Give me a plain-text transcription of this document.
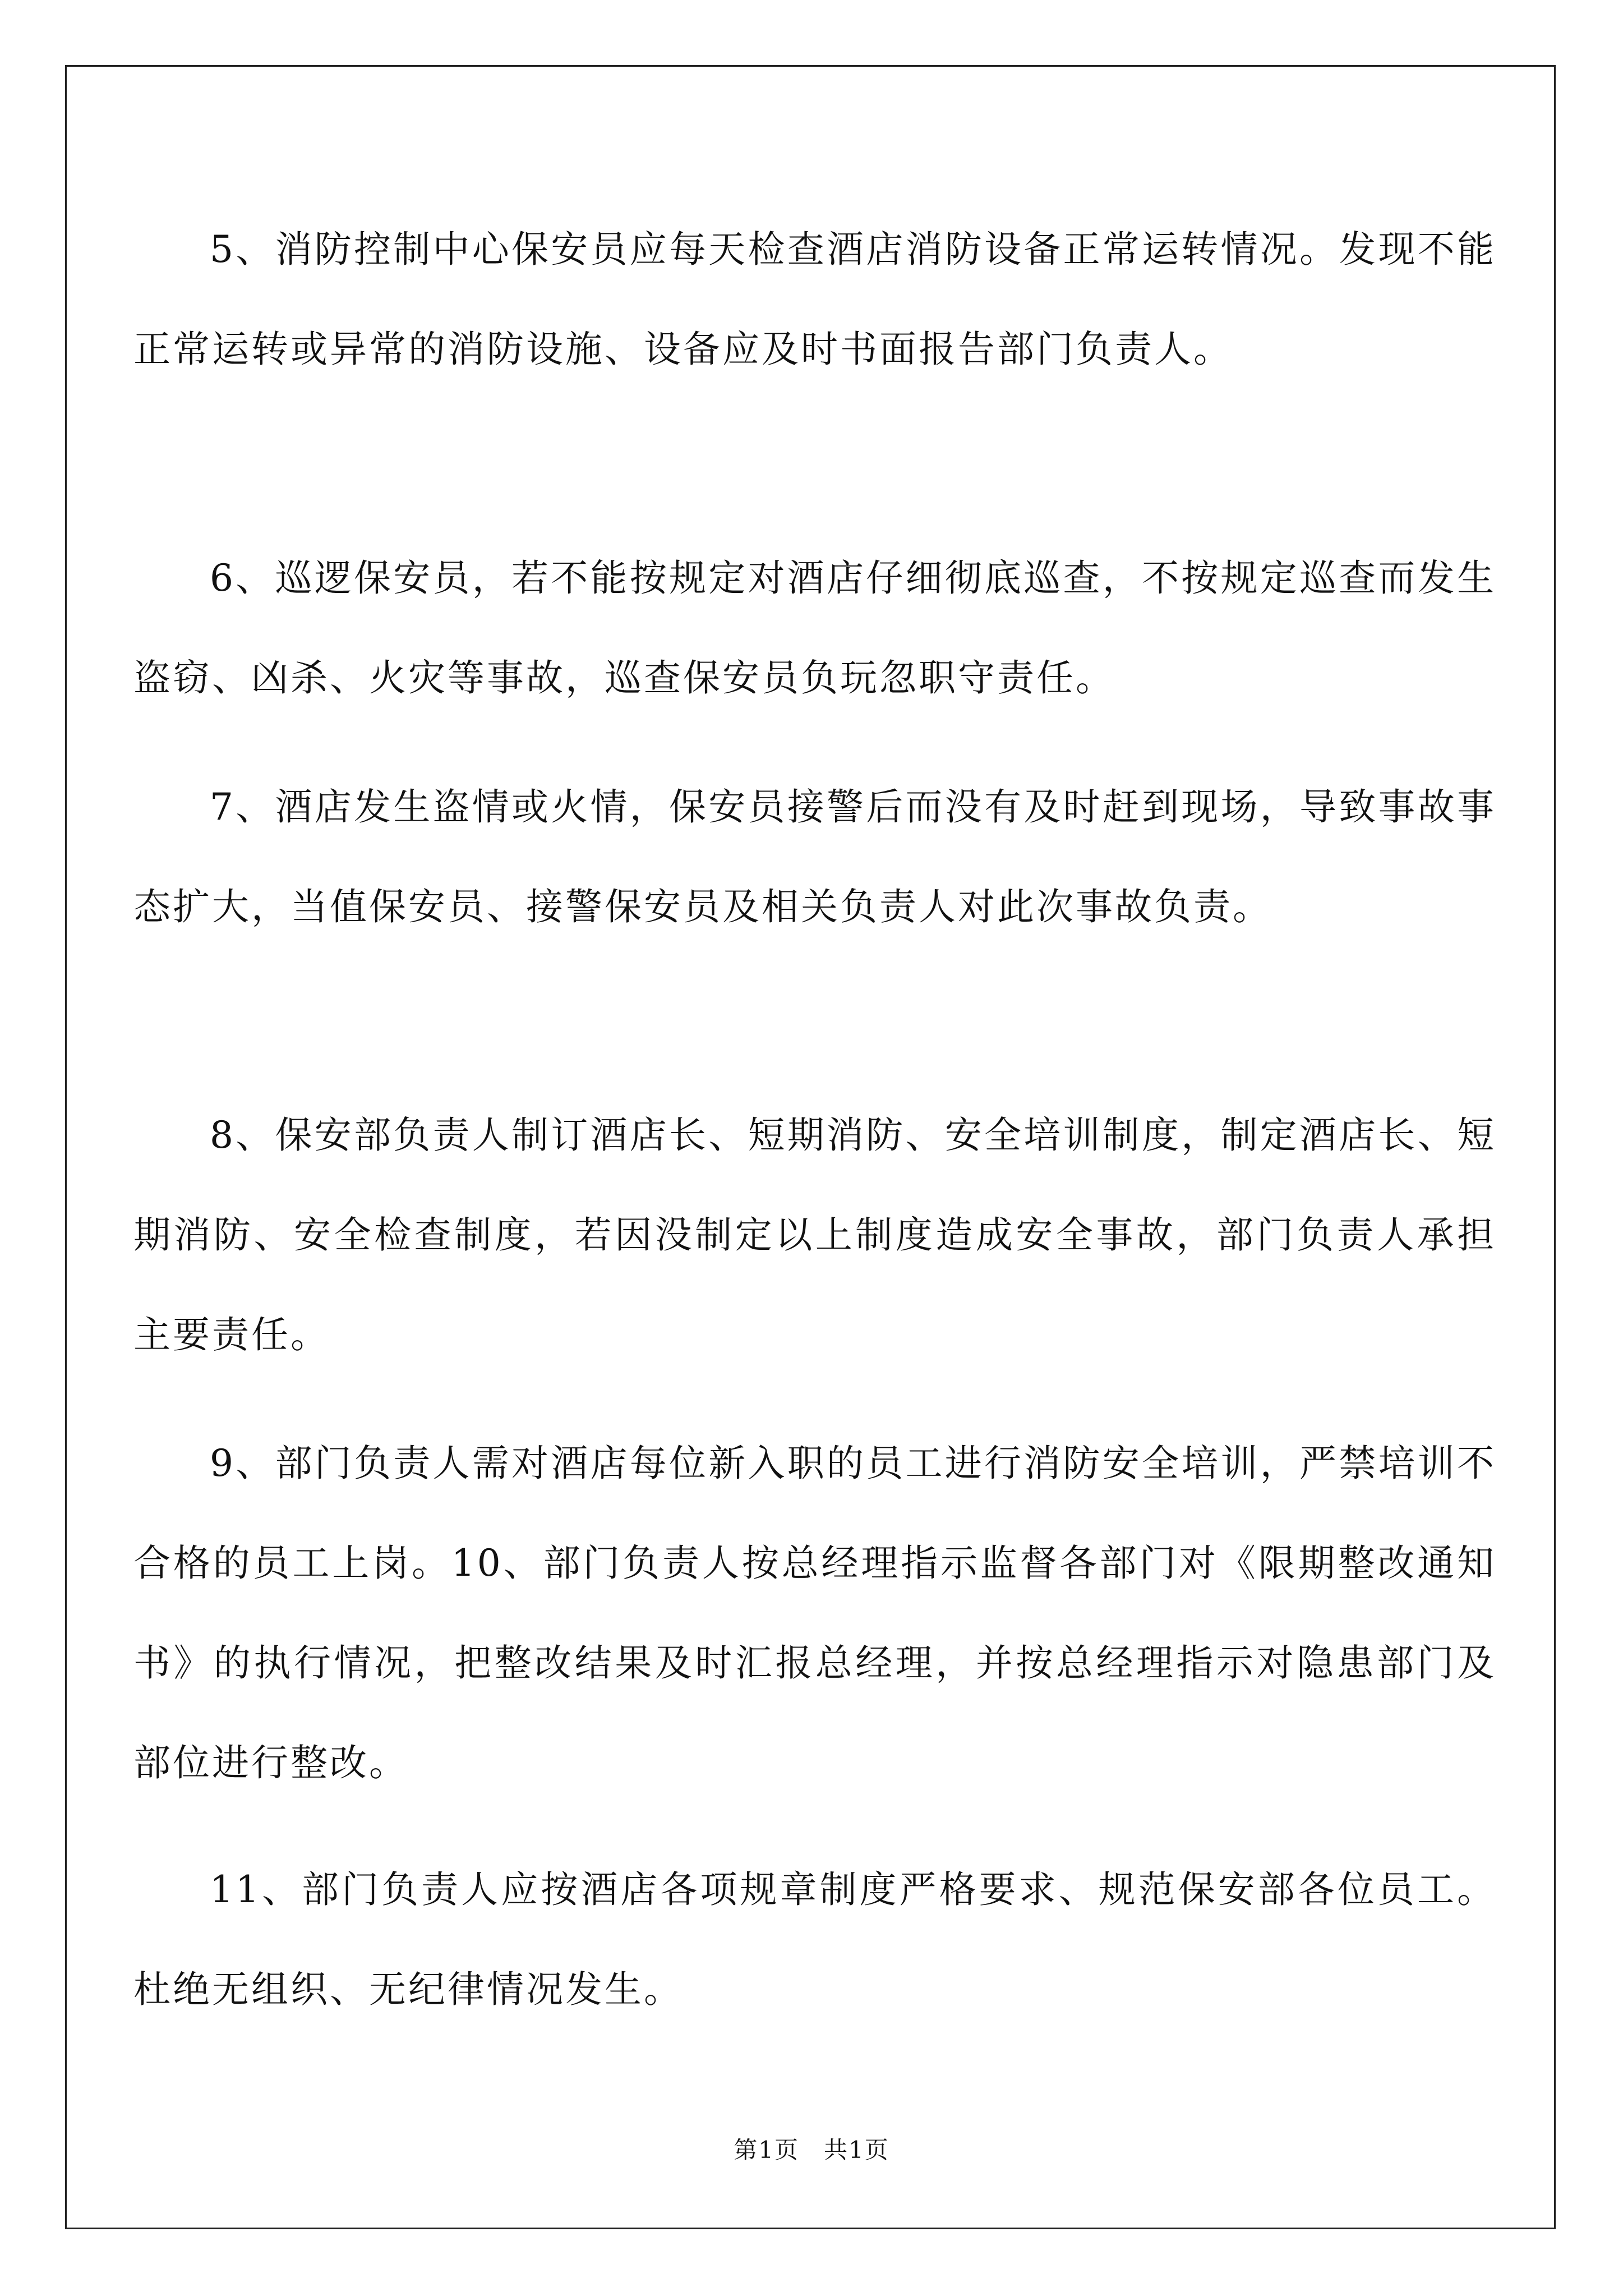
5、消防控制中心保安员应每天检查酒店消防设备正常运转情况。发现不能正常运转或异常的消防设施、设备应及时书面报告部门负责人。

6、巡逻保安员，若不能按规定对酒店仔细彻底巡查，不按规定巡查而发生盗窃、凶杀、火灾等事故，巡查保安员负玩忽职守责任。

7、酒店发生盗情或火情，保安员接警后而没有及时赶到现场，导致事故事态扩大，当值保安员、接警保安员及相关负责人对此次事故负责。

8、保安部负责人制订酒店长、短期消防、安全培训制度，制定酒店长、短期消防、安全检查制度，若因没制定以上制度造成安全事故，部门负责人承担主要责任。

9、部门负责人需对酒店每位新入职的员工进行消防安全培训，严禁培训不合格的员工上岗。10、部门负责人按总经理指示监督各部门对《限期整改通知书》的执行情况，把整改结果及时汇报总经理，并按总经理指示对隐患部门及部位进行整改。

11、部门负责人应按酒店各项规章制度严格要求、规范保安部各位员工。杜绝无组织、无纪律情况发生。

第1页　共1页
